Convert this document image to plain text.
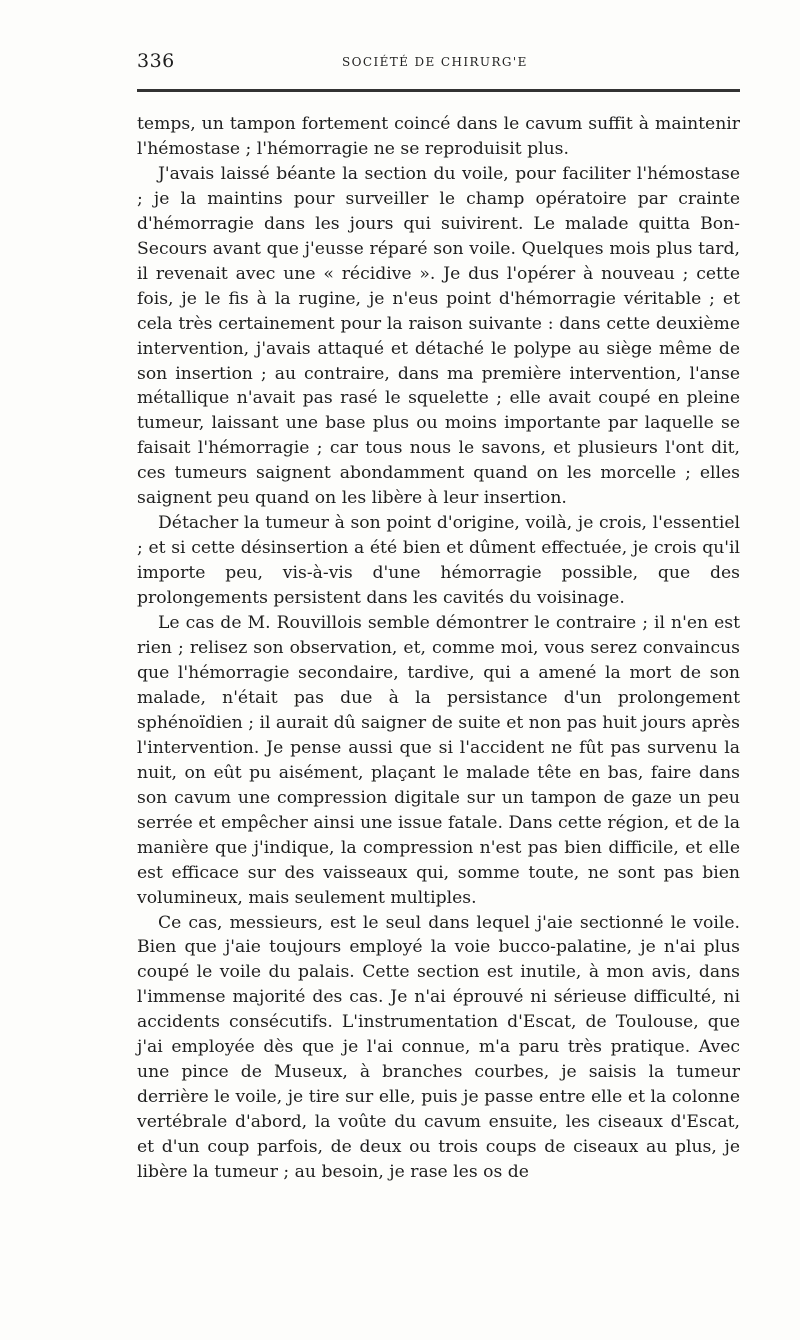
336	SOCIÉTÉ DE CHIRURG'E

temps, un tampon fortement coincé dans le cavum suffit à maintenir l'hémostase ; l'hémorragie ne se reproduisit plus.

J'avais laissé béante la section du voile, pour faciliter l'hémostase ; je la maintins pour surveiller le champ opératoire par crainte d'hémorragie dans les jours qui suivirent. Le malade quitta Bon-Secours avant que j'eusse réparé son voile. Quelques mois plus tard, il revenait avec une « récidive ». Je dus l'opérer à nouveau ; cette fois, je le fis à la rugine, je n'eus point d'hémorragie véritable ; et cela très certainement pour la raison suivante : dans cette deuxième intervention, j'avais attaqué et détaché le polype au siège même de son insertion ; au contraire, dans ma première intervention, l'anse métallique n'avait pas rasé le squelette ; elle avait coupé en pleine tumeur, laissant une base plus ou moins importante par laquelle se faisait l'hémorragie ; car tous nous le savons, et plusieurs l'ont dit, ces tumeurs saignent abondamment quand on les morcelle ; elles saignent peu quand on les libère à leur insertion.

Détacher la tumeur à son point d'origine, voilà, je crois, l'essentiel ; et si cette désinsertion a été bien et dûment effectuée, je crois qu'il importe peu, vis-à-vis d'une hémorragie possible, que des prolongements persistent dans les cavités du voisinage.

Le cas de M. Rouvillois semble démontrer le contraire ; il n'en est rien ; relisez son observation, et, comme moi, vous serez convaincus que l'hémorragie secondaire, tardive, qui a amené la mort de son malade, n'était pas due à la persistance d'un prolongement sphénoïdien ; il aurait dû saigner de suite et non pas huit jours après l'intervention. Je pense aussi que si l'accident ne fût pas survenu la nuit, on eût pu aisément, plaçant le malade tête en bas, faire dans son cavum une compression digitale sur un tampon de gaze un peu serrée et empêcher ainsi une issue fatale. Dans cette région, et de la manière que j'indique, la compression n'est pas bien difficile, et elle est efficace sur des vaisseaux qui, somme toute, ne sont pas bien volumineux, mais seulement multiples.

Ce cas, messieurs, est le seul dans lequel j'aie sectionné le voile. Bien que j'aie toujours employé la voie bucco-palatine, je n'ai plus coupé le voile du palais. Cette section est inutile, à mon avis, dans l'immense majorité des cas. Je n'ai éprouvé ni sérieuse difficulté, ni accidents consécutifs. L'instrumentation d'Escat, de Toulouse, que j'ai employée dès que je l'ai connue, m'a paru très pratique. Avec une pince de Museux, à branches courbes, je saisis la tumeur derrière le voile, je tire sur elle, puis je passe entre elle et la colonne vertébrale d'abord, la voûte du cavum ensuite, les ciseaux d'Escat, et d'un coup parfois, de deux ou trois coups de ciseaux au plus, je libère la tumeur ; au besoin, je rase les os de
